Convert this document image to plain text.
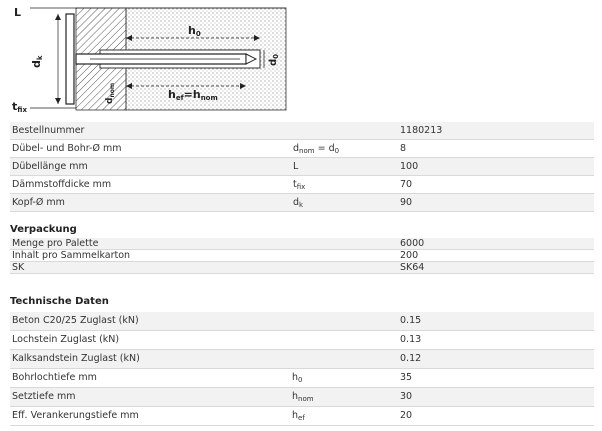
L
dk
tfix
h0
$d_0$
$d_{nom}$	hef=hnom
Bestellnummer	1180213
Dübel- und Bohr-Ø mm	$d_{nom} = d_0$	8
Dübellänge mm	L	100
Dämmstoffdicke mm	$t_{fix}$	70
Kopf-Ø mm	$d_k$	90
Verpackung
Menge pro Palette	6000
Inhalt pro Sammelkarton	200
SK	SK64
Technische Daten
Beton C20/25 Zuglast (kN)	0.15
Lochstein Zuglast (kN)	0.13
Kalksandstein Zuglast (kN)	0.12
Bohrlochtiefe mm	$h_0$	35
Setztiefe mm	$h_{nom}$	30
Eff. Verankerungstiefe mm	$h_{ef}$	20
